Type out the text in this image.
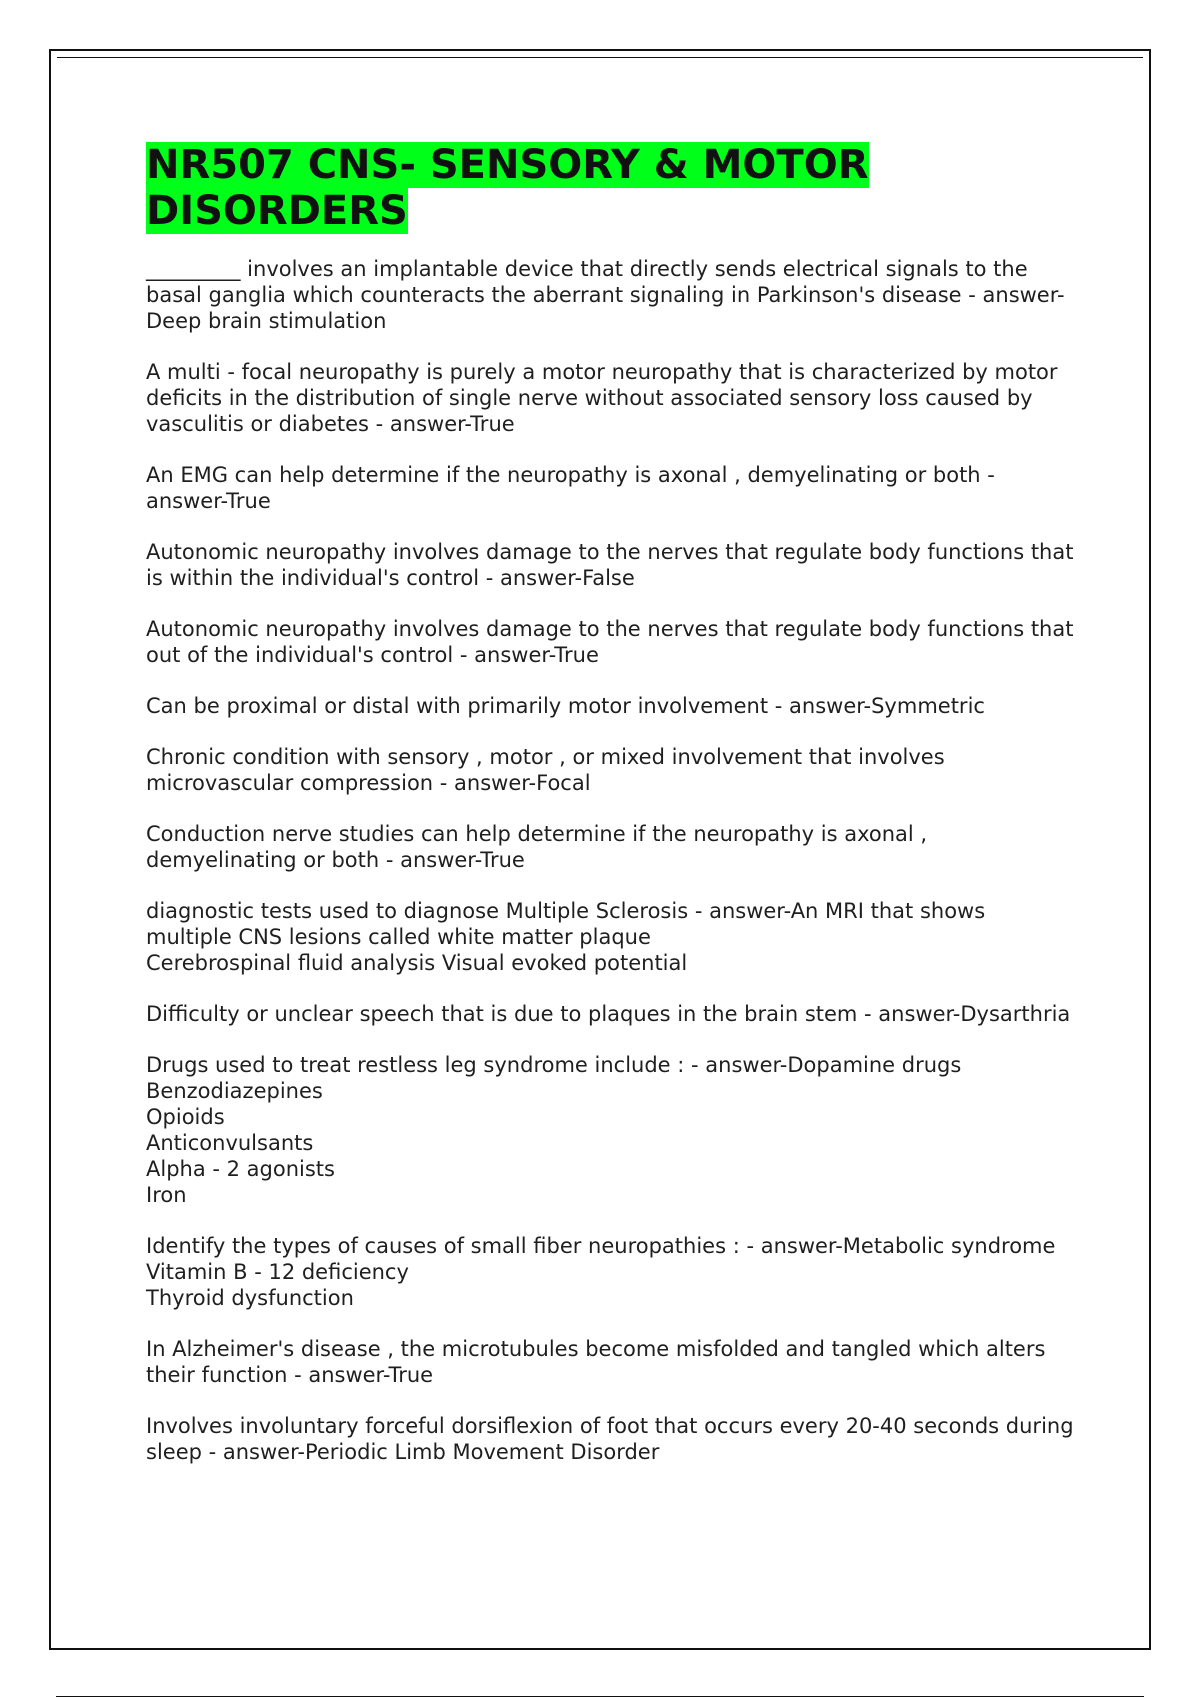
NR507 CNS- SENSORY & MOTOR DISORDERS

_________ involves an implantable device that directly sends electrical signals to the basal ganglia which counteracts the aberrant signaling in Parkinson's disease - answer-Deep brain stimulation

A multi - focal neuropathy is purely a motor neuropathy that is characterized by motor deficits in the distribution of single nerve without associated sensory loss caused by vasculitis or diabetes - answer-True

An EMG can help determine if the neuropathy is axonal , demyelinating or both - answer-True

Autonomic neuropathy involves damage to the nerves that regulate body functions that is within the individual's control - answer-False

Autonomic neuropathy involves damage to the nerves that regulate body functions that out of the individual's control - answer-True

Can be proximal or distal with primarily motor involvement - answer-Symmetric

Chronic condition with sensory , motor , or mixed involvement that involves microvascular compression - answer-Focal

Conduction nerve studies can help determine if the neuropathy is axonal , demyelinating or both - answer-True

diagnostic tests used to diagnose Multiple Sclerosis - answer-An MRI that shows multiple CNS lesions called white matter plaque
Cerebrospinal fluid analysis Visual evoked potential

Difficulty or unclear speech that is due to plaques in the brain stem - answer-Dysarthria

Drugs used to treat restless leg syndrome include : - answer-Dopamine drugs
Benzodiazepines
Opioids
Anticonvulsants
Alpha - 2 agonists
Iron

Identify the types of causes of small fiber neuropathies : - answer-Metabolic syndrome
Vitamin B - 12 deficiency
Thyroid dysfunction

In Alzheimer's disease , the microtubules become misfolded and tangled which alters their function - answer-True

Involves involuntary forceful dorsiflexion of foot that occurs every 20-40 seconds during sleep - answer-Periodic Limb Movement Disorder
